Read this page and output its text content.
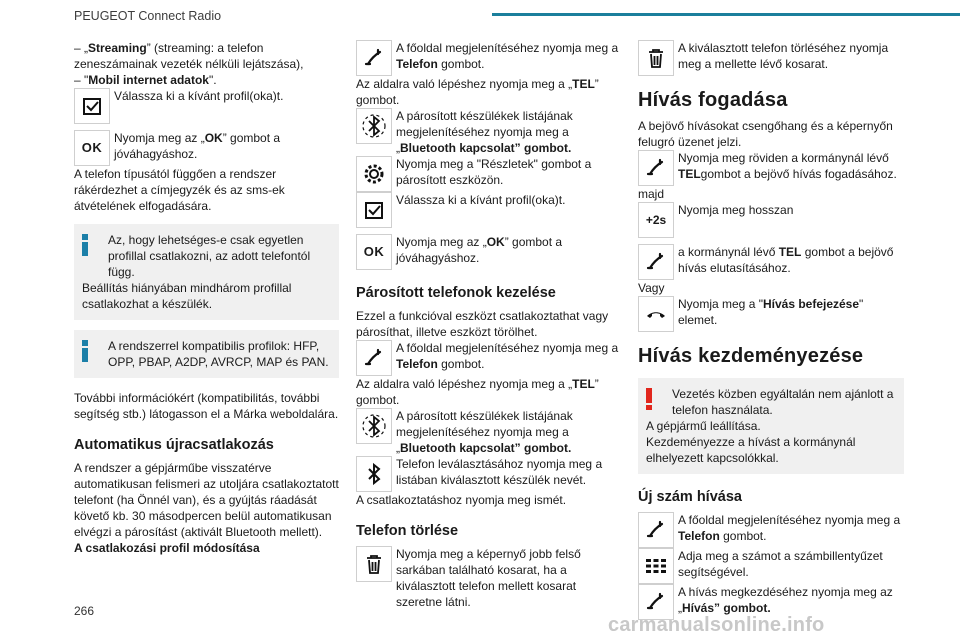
PEUGEOT Connect Radio

– „Streaming” (streaming: a telefon zeneszámainak vezeték nélküli lejátszása),

– "Mobil internet adatok".

Válassza ki a kívánt profil(oka)t.
OK
Nyomja meg az „OK” gombot a jóváhagyáshoz.

A telefon típusától függően a rendszer rákérdezhet a címjegyzék és az sms-ek átvételének elfogadására.

Az, hogy lehetséges-e csak egyetlen profillal csatlakozni, az adott telefontól függ.

Beállítás hiányában mindhárom profillal csatlakozhat a készülék.

A rendszerrel kompatibilis profilok: HFP, OPP, PBAP, A2DP, AVRCP, MAP és PAN.

További információkért (kompatibilitás, további segítség stb.) látogasson el a Márka weboldalára.

Automatikus újracsatlakozás

A rendszer a gépjárműbe visszatérve automatikusan felismeri az utoljára csatlakoztatott telefont (ha Önnél van), és a gyújtás ráadását követő kb. 30 másodpercen belül automatikusan elvégzi a párosítást (aktivált Bluetooth mellett).

A csatlakozási profil módosítása

A főoldal megjelenítéséhez nyomja meg a Telefon gombot.

Az aldalra való lépéshez nyomja meg a „TEL” gombot.

A párosított készülékek listájának megjelenítéséhez nyomja meg a „Bluetooth kapcsolat” gombot.
Nyomja meg a "Részletek" gombot a párosított eszközön.
Válassza ki a kívánt profil(oka)t.
OK
Nyomja meg az „OK” gombot a jóváhagyáshoz.
Párosított telefonok kezelése

Ezzel a funkcióval eszközt csatlakoztathat vagy párosíthat, illetve eszközt törölhet.

A főoldal megjelenítéséhez nyomja meg a Telefon gombot.

Az aldalra való lépéshez nyomja meg a „TEL” gombot.

A párosított készülékek listájának megjelenítéséhez nyomja meg a „Bluetooth kapcsolat” gombot.
Telefon leválasztásához nyomja meg a listában kiválasztott készülék nevét.

A csatlakoztatáshoz nyomja meg ismét.

Telefon törlése
Nyomja meg a képernyő jobb felső sarkában található kosarat, ha a kiválasztott telefon mellett kosarat szeretne látni.
A kiválasztott telefon törléséhez nyomja meg a mellette lévő kosarat.
Hívás fogadása

A bejövő hívásokat csengőhang és a képernyőn felugró üzenet jelzi.

Nyomja meg röviden a kormánynál lévő TELgombot a bejövő hívás fogadásához.

majd

+2s
Nyomja meg hosszan
a kormánynál lévő TEL gombot a bejövő hívás elutasításához.

Vagy

Nyomja meg a "Hívás befejezése" elemet.
Hívás kezdeményezése

Vezetés közben egyáltalán nem ajánlott a telefon használata.

A gépjármű leállítása.

Kezdeményezze a hívást a kormánynál elhelyezett kapcsolókkal.

Új szám hívása
A főoldal megjelenítéséhez nyomja meg a Telefon gombot.
Adja meg a számot a számbillentyűzet segítségével.
A hívás megkezdéséhez nyomja meg az „Hívás” gombot.
266
carmanualsonline.info
